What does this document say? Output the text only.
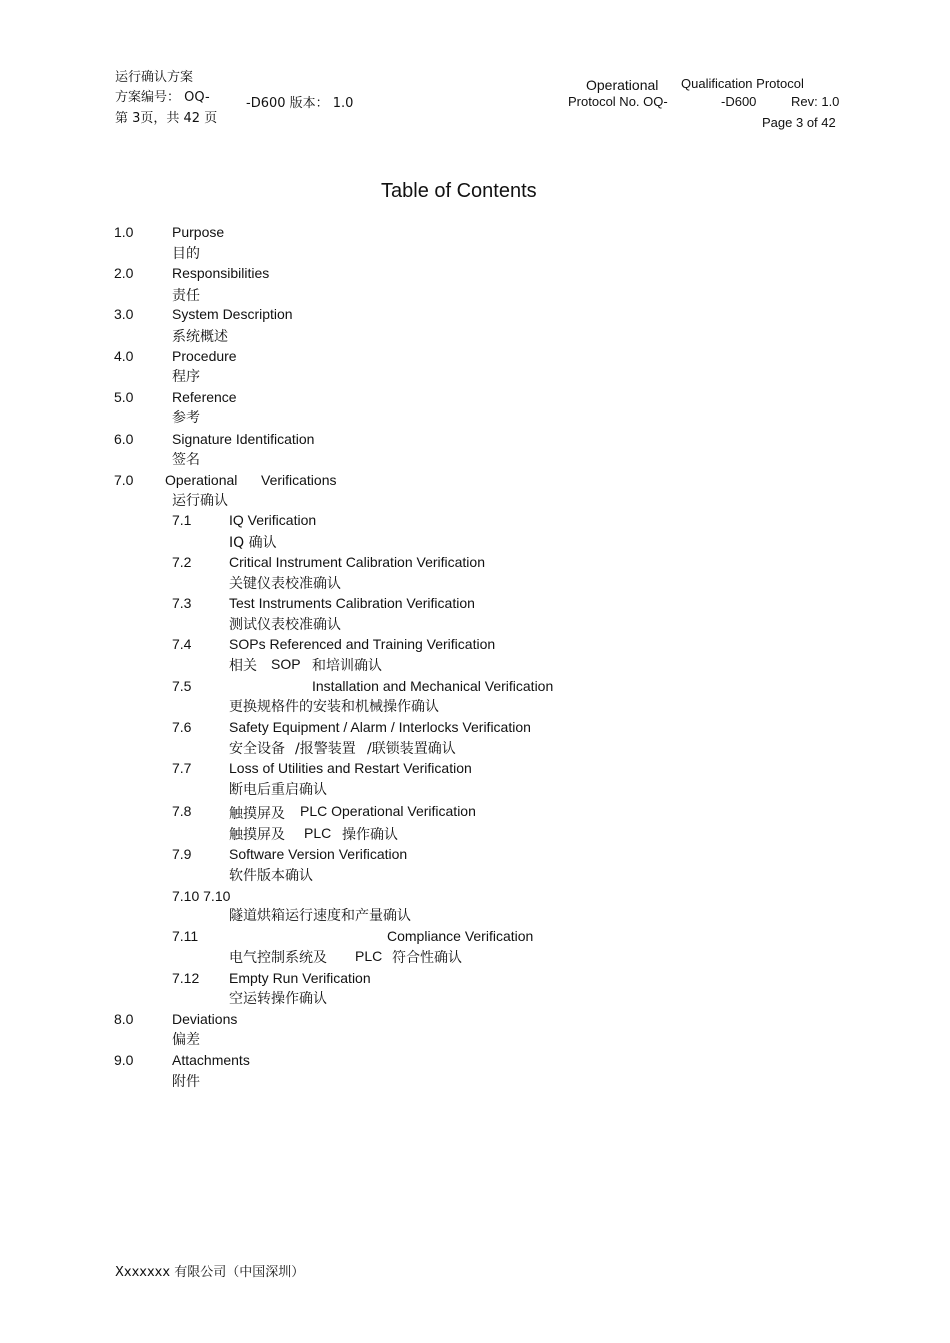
运行确认方案
方案编号： OQ-	-D600 版本： 1.0
第 3页，共 42 页
Operational Qualification Protocol
Protocol No. OQ-	-D600	Rev: 1.0
Page 3 of 42
Table of Contents
1.0	Purpose
目的
2.0	Responsibilities
责任
3.0	System Description
系统概述
4.0	Procedure
程序
5.0	Reference
参考
6.0	Signature Identification
签名
7.0 Operational Verifications
运行确认
7.1	IQ Verification
IQ 确认
7.2	Critical Instrument Calibration Verification
关键仪表校准确认
7.3	Test Instruments Calibration Verification
测试仪表校准确认
7.4	SOPs Referenced and Training Verification
相关 SOP 和培训确认
7.5	Installation and Mechanical Verification
更换规格件的安装和机械操作确认
7.6	Safety Equipment / Alarm / Interlocks Verification
安全设备 /报警装置 /联锁装置确认
7.7	Loss of Utilities and Restart Verification
断电后重启确认
7.8	触摸屏及 PLC Operational Verification
触摸屏及 PLC 操作确认
7.9	Software Version Verification
软件版本确认
7.10 7.10
隧道烘箱运行速度和产量确认
7.11	Compliance Verification
电气控制系统及 PLC 符合性确认
7.12 Empty Run Verification
空运转操作确认
8.0	Deviations
偏差
9.0	Attachments
附件
Xxxxxxx 有限公司（中国深圳）
